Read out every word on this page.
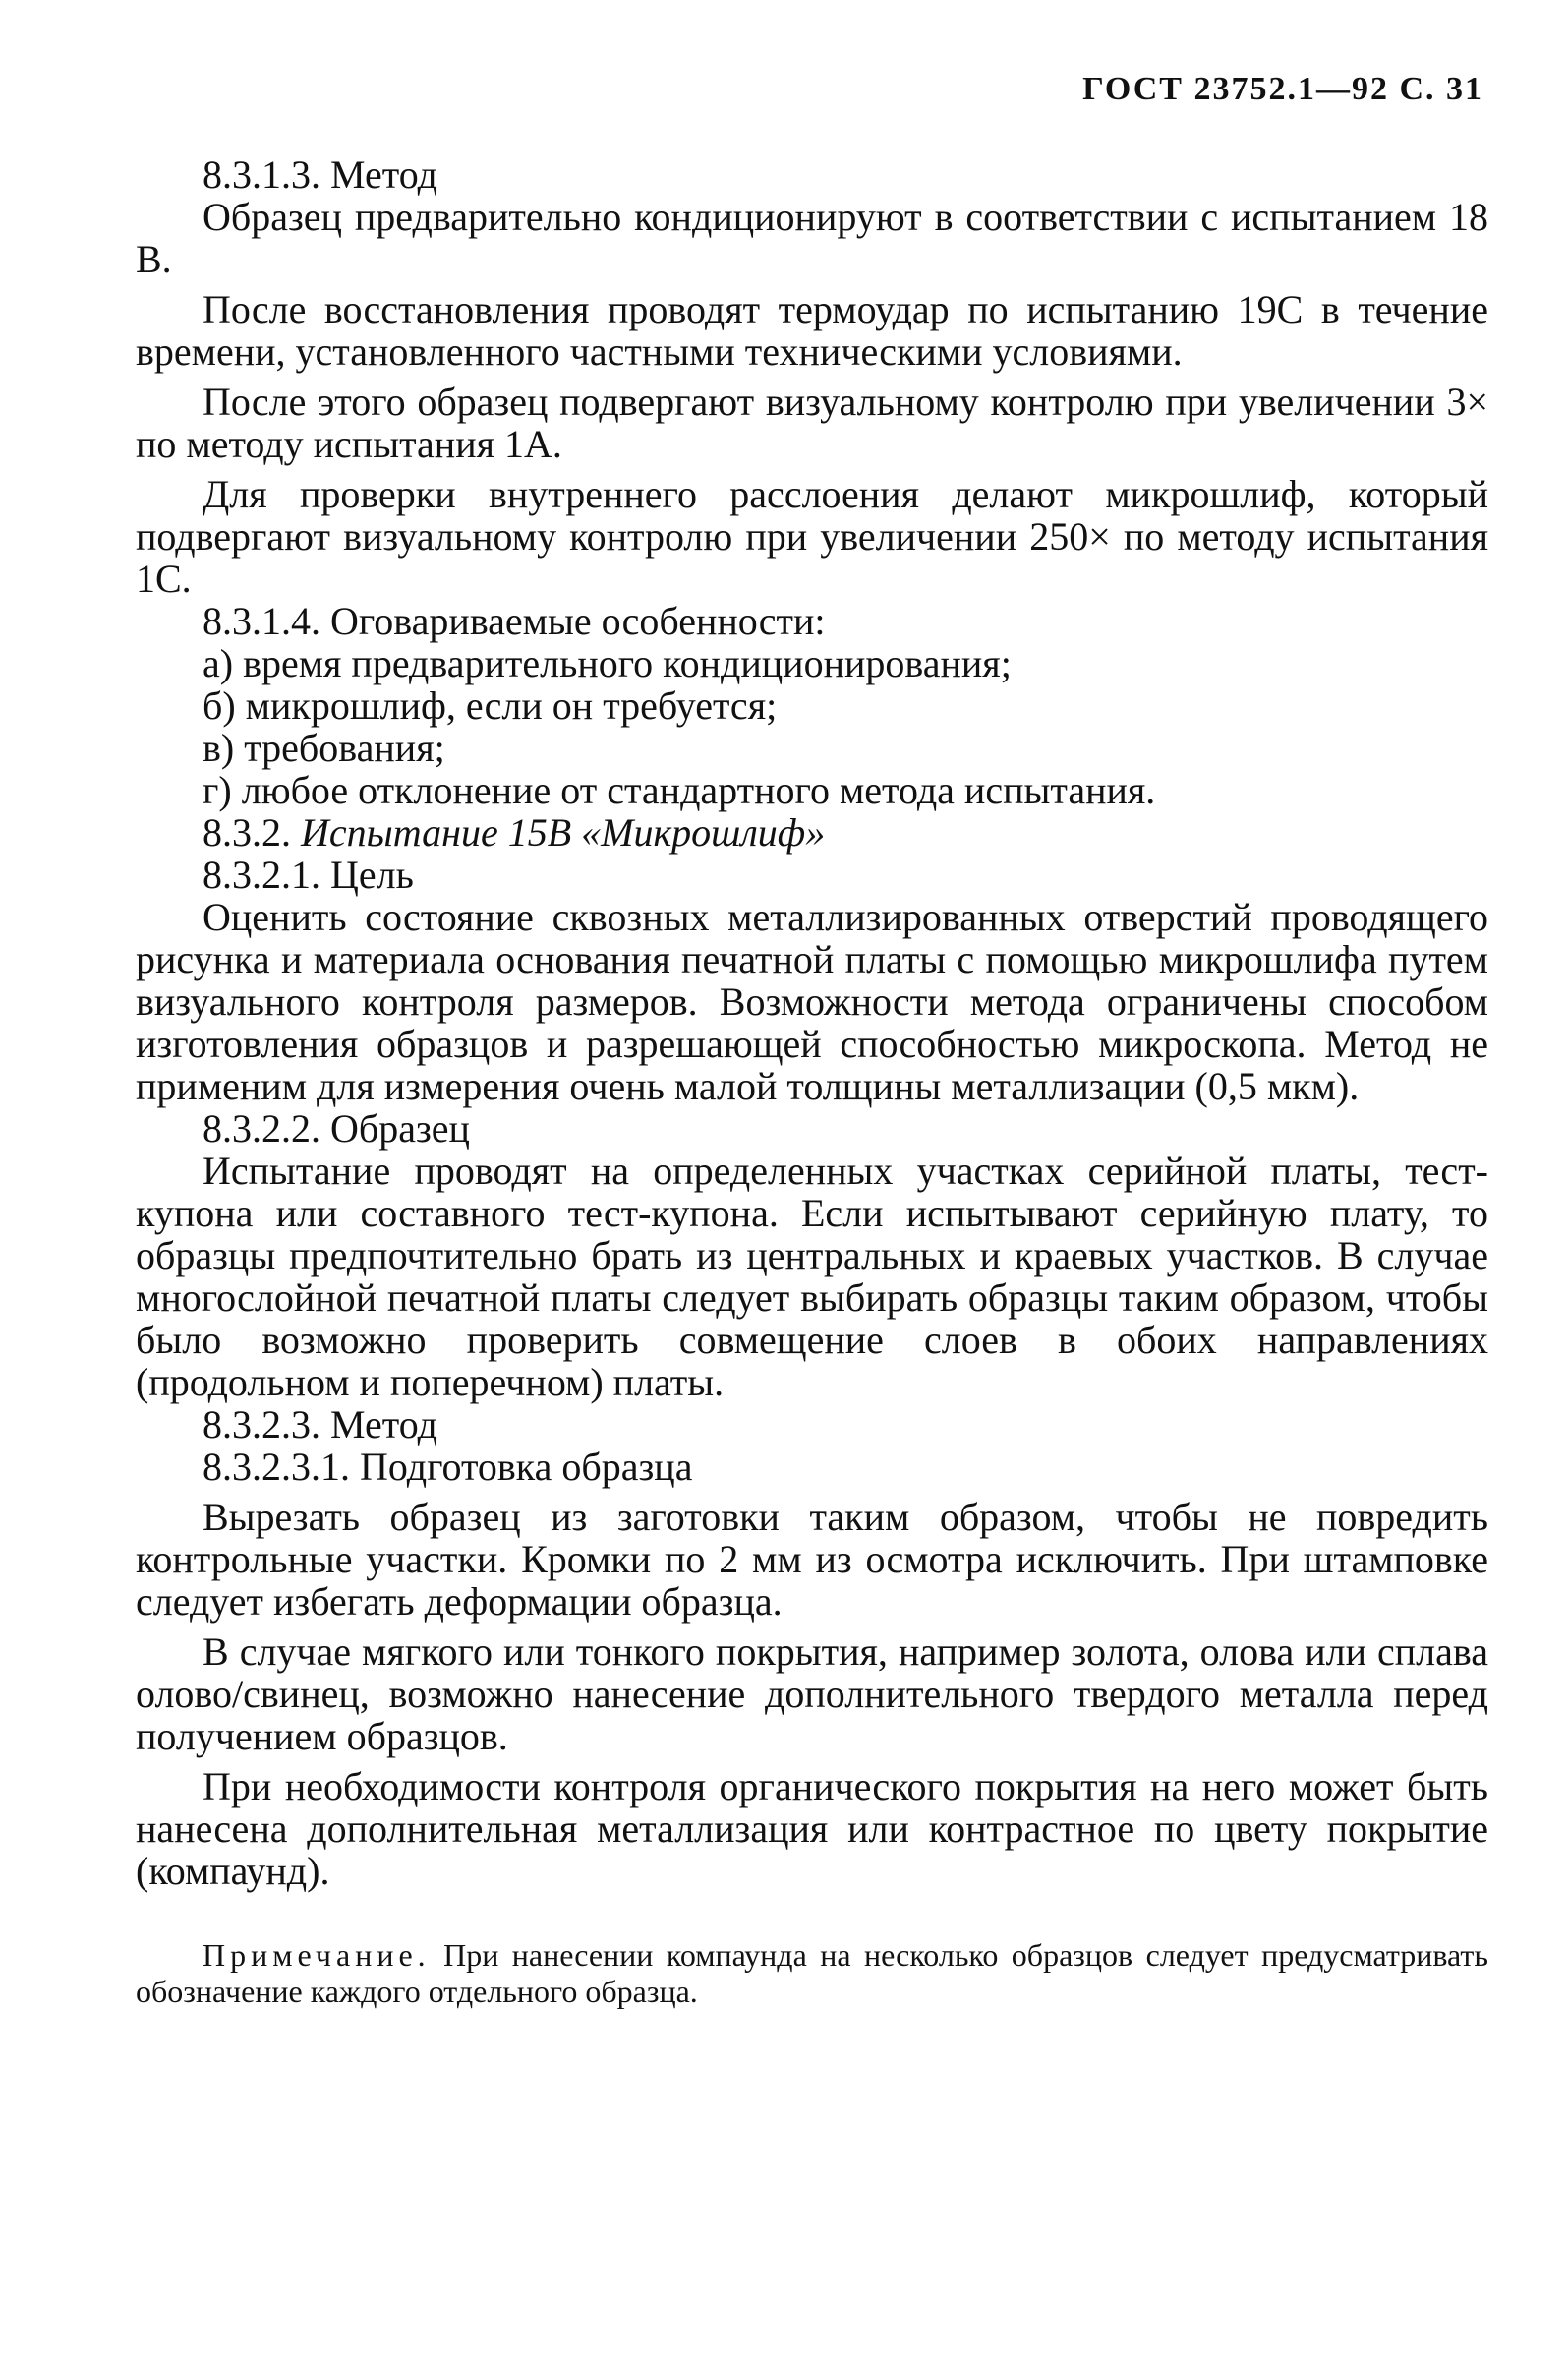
ГОСТ 23752.1—92 С. 31

8.3.1.3. Метод

Образец предварительно кондиционируют в соответствии с испытанием 18 В.

После восстановления проводят термоудар по испытанию 19С в течение времени, установленного частными техническими условиями.

После этого образец подвергают визуальному контролю при увеличении 3× по методу испытания 1А.

Для проверки внутреннего расслоения делают микрошлиф, который подвергают визуальному контролю при увеличении 250× по методу испытания 1С.

8.3.1.4. Оговариваемые особенности:

а) время предварительного кондиционирования;

б) микрошлиф, если он требуется;

в) требования;

г) любое отклонение от стандартного метода испытания.

8.3.2. Испытание 15В «Микрошлиф»

8.3.2.1. Цель

Оценить состояние сквозных металлизированных отверстий проводящего рисунка и материала основания печатной платы с помощью микрошлифа путем визуального контроля размеров. Возможности метода ограничены способом изготовления образцов и разрешающей способностью микроскопа. Метод не применим для измерения очень малой толщины металлизации (0,5 мкм).

8.3.2.2. Образец

Испытание проводят на определенных участках серийной платы, тест-купона или составного тест-купона. Если испытывают серийную плату, то образцы предпочтительно брать из центральных и краевых участков. В случае многослойной печатной платы следует выбирать образцы таким образом, чтобы было возможно проверить совмещение слоев в обоих направлениях (продольном и поперечном) платы.

8.3.2.3. Метод

8.3.2.3.1. Подготовка образца

Вырезать образец из заготовки таким образом, чтобы не повредить контрольные участки. Кромки по 2 мм из осмотра исключить. При штамповке следует избегать деформации образца.

В случае мягкого или тонкого покрытия, например золота, олова или сплава олово/свинец, возможно нанесение дополнительного твердого металла перед получением образцов.

При необходимости контроля органического покрытия на него может быть нанесена дополнительная металлизация или контрастное по цвету покрытие (компаунд).

Примечание. При нанесении компаунда на несколько образцов следует предусматривать обозначение каждого отдельного образца.
